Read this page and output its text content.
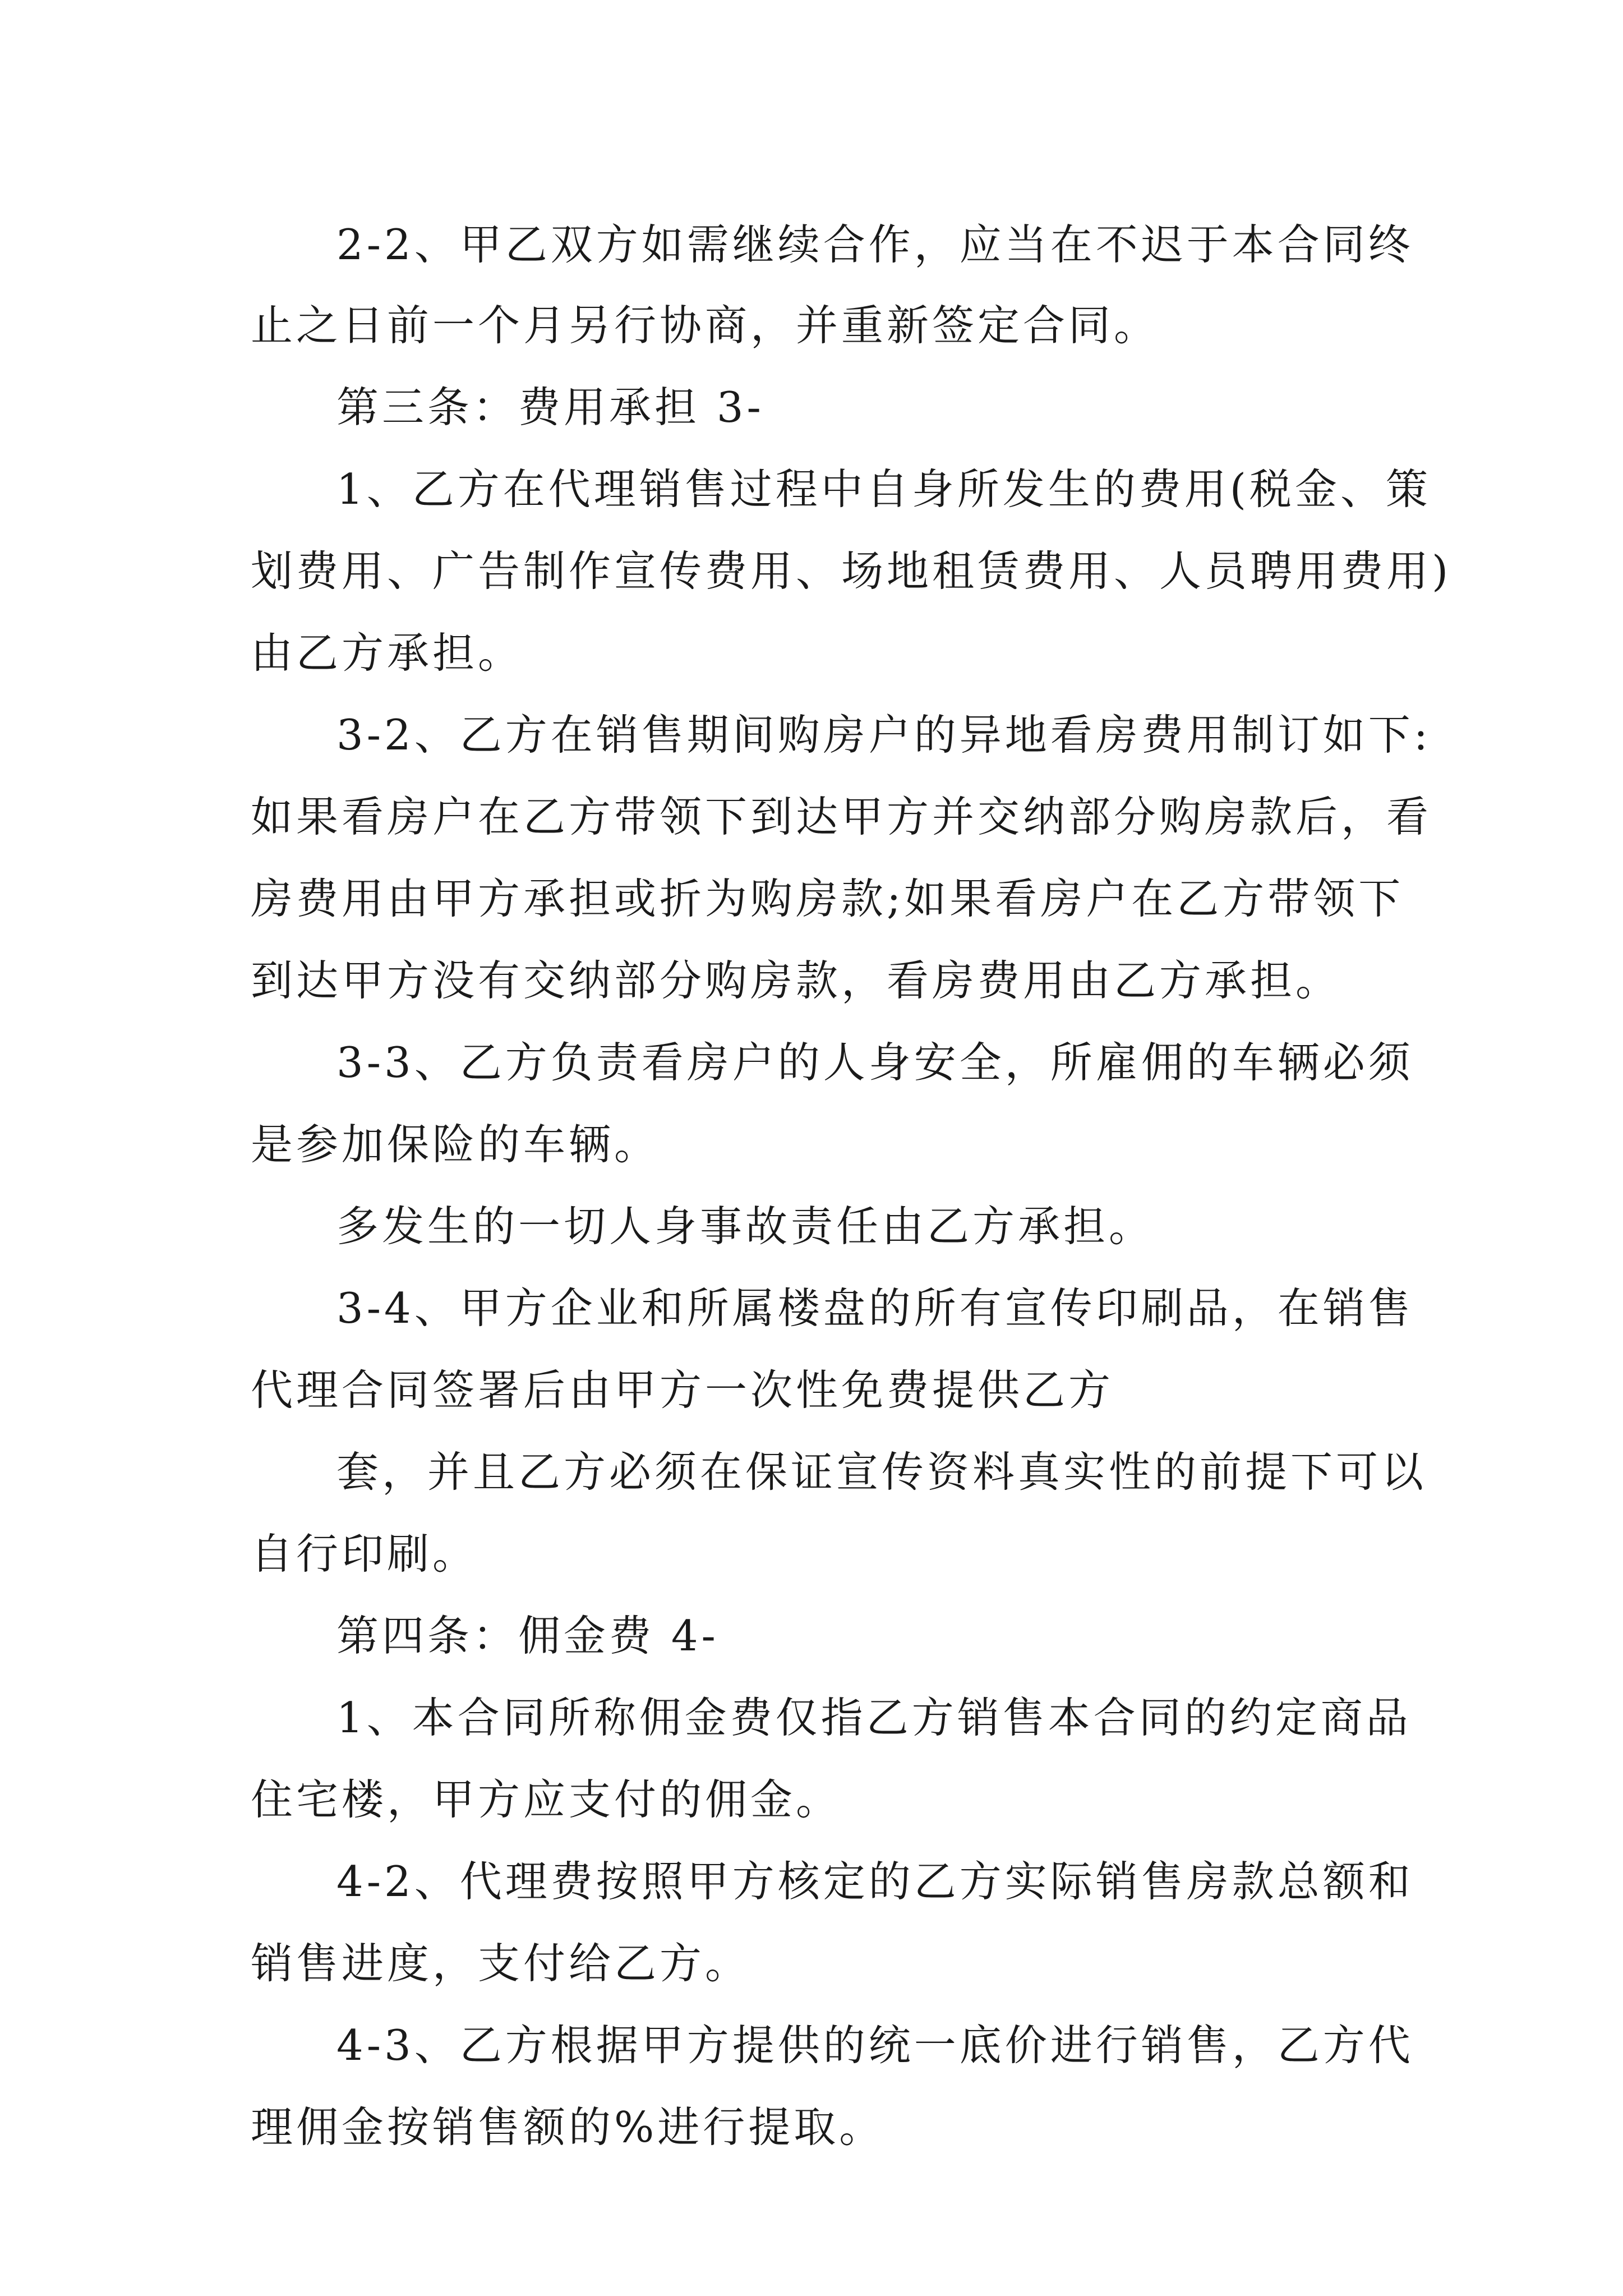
2-2、甲乙双方如需继续合作，应当在不迟于本合同终
止之日前一个月另行协商，并重新签定合同。
第三条：费用承担 3-
1、乙方在代理销售过程中自身所发生的费用(税金、策
划费用、广告制作宣传费用、场地租赁费用、人员聘用费用)
由乙方承担。
3-2、乙方在销售期间购房户的异地看房费用制订如下:
如果看房户在乙方带领下到达甲方并交纳部分购房款后，看
房费用由甲方承担或折为购房款;如果看房户在乙方带领下
到达甲方没有交纳部分购房款，看房费用由乙方承担。
3-3、乙方负责看房户的人身安全，所雇佣的车辆必须
是参加保险的车辆。
多发生的一切人身事故责任由乙方承担。
3-4、甲方企业和所属楼盘的所有宣传印刷品，在销售
代理合同签署后由甲方一次性免费提供乙方
套，并且乙方必须在保证宣传资料真实性的前提下可以
自行印刷。
第四条：佣金费 4-
1、本合同所称佣金费仅指乙方销售本合同的约定商品
住宅楼，甲方应支付的佣金。
4-2、代理费按照甲方核定的乙方实际销售房款总额和
销售进度，支付给乙方。
4-3、乙方根据甲方提供的统一底价进行销售，乙方代
理佣金按销售额的%进行提取。
